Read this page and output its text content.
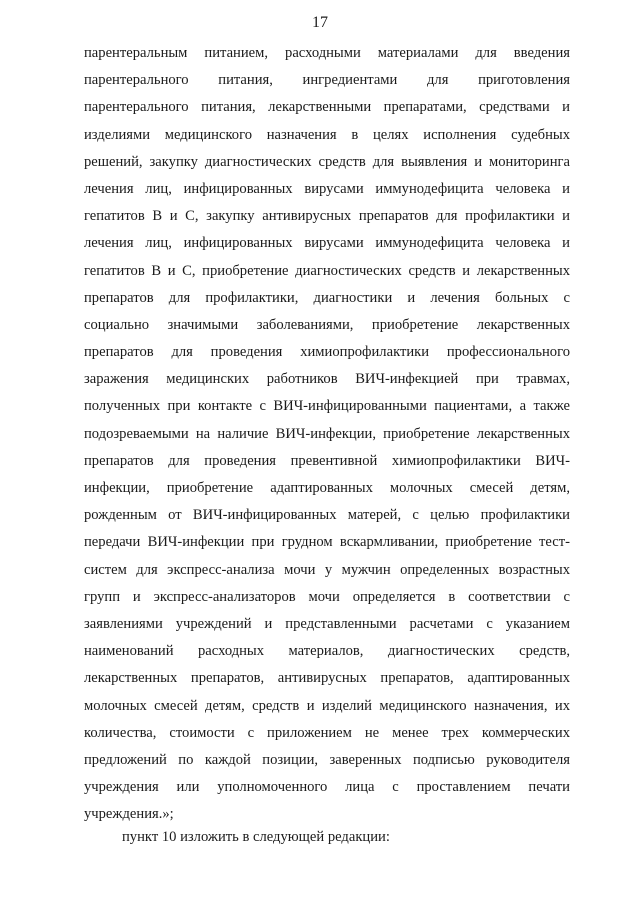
17
парентеральным питанием, расходными материалами для введения
парентерального питания, ингредиентами для приготовления
парентерального питания, лекарственными препаратами, средствами и
изделиями медицинского назначения в целях исполнения судебных
решений, закупку диагностических средств для выявления и мониторинга
лечения лиц, инфицированных вирусами иммунодефицита человека и
гепатитов В и С, закупку антивирусных препаратов для профилактики и
лечения лиц, инфицированных вирусами иммунодефицита человека и
гепатитов В и С, приобретение диагностических средств и лекарственных
препаратов для профилактики, диагностики и лечения больных с
социально значимыми заболеваниями, приобретение лекарственных
препаратов для проведения химиопрофилактики профессионального
заражения медицинских работников ВИЧ-инфекцией при травмах,
полученных при контакте с ВИЧ-инфицированными пациентами, а также
подозреваемыми на наличие ВИЧ-инфекции, приобретение лекарственных
препаратов для проведения превентивной химиопрофилактики ВИЧ-
инфекции, приобретение адаптированных молочных смесей детям,
рожденным от ВИЧ-инфицированных матерей, с целью профилактики
передачи ВИЧ-инфекции при грудном вскармливании, приобретение тест-
систем для экспресс-анализа мочи у мужчин определенных возрастных
групп и экспресс-анализаторов мочи определяется в соответствии с
заявлениями учреждений и представленными расчетами с указанием
наименований расходных материалов, диагностических средств,
лекарственных препаратов, антивирусных препаратов, адаптированных
молочных смесей детям, средств и изделий медицинского назначения, их
количества, стоимости с приложением не менее трех коммерческих
предложений по каждой позиции, заверенных подписью руководителя
учреждения или уполномоченного лица с проставлением печати
учреждения.»;
пункт 10 изложить в следующей редакции:
